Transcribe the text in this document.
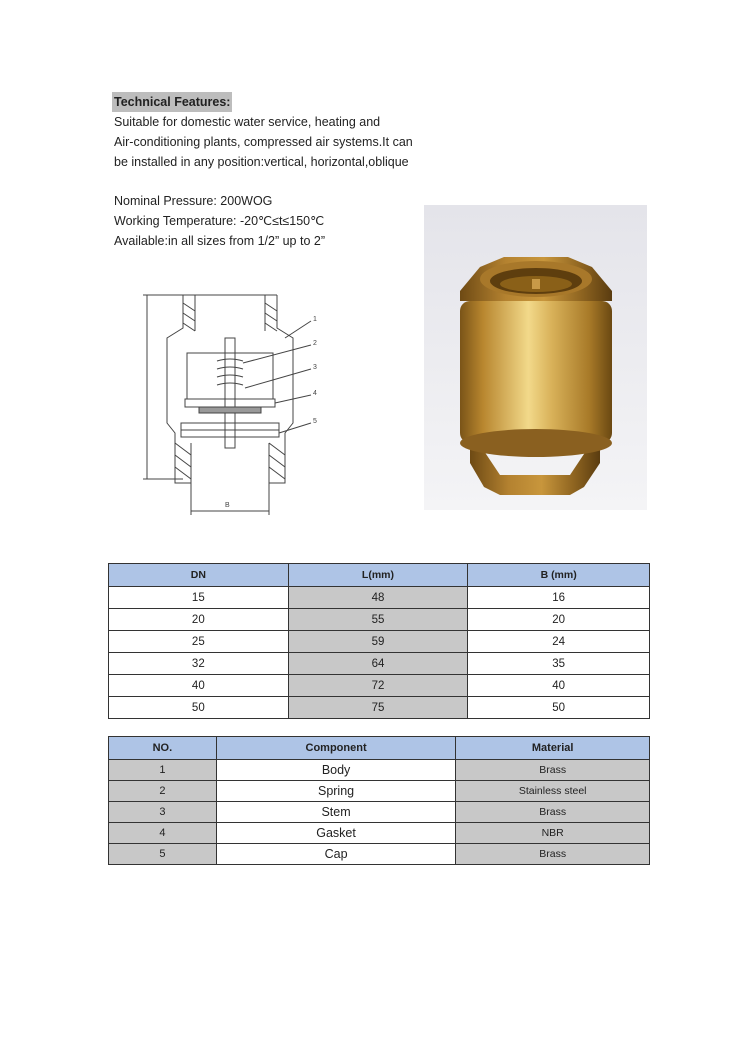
Technical Features:
Suitable for domestic water service, heating and
Air-conditioning plants, compressed air systems.It can
be installed in any position:vertical, horizontal,oblique
Nominal Pressure: 200WOG
Working Temperature: -20℃≤t≤150℃
Available:in all sizes from 1/2” up to 2”
1
2
3
4
5
B
DN	L(mm)	B (mm)
15	48	16
20	55	20
25	59	24
32	64	35
40	72	40
50	75	50
NO.	Component	Material
1	Body	Brass
2	Spring	Stainless steel
3	Stem	Brass
4	Gasket	NBR
5	Cap	Brass
